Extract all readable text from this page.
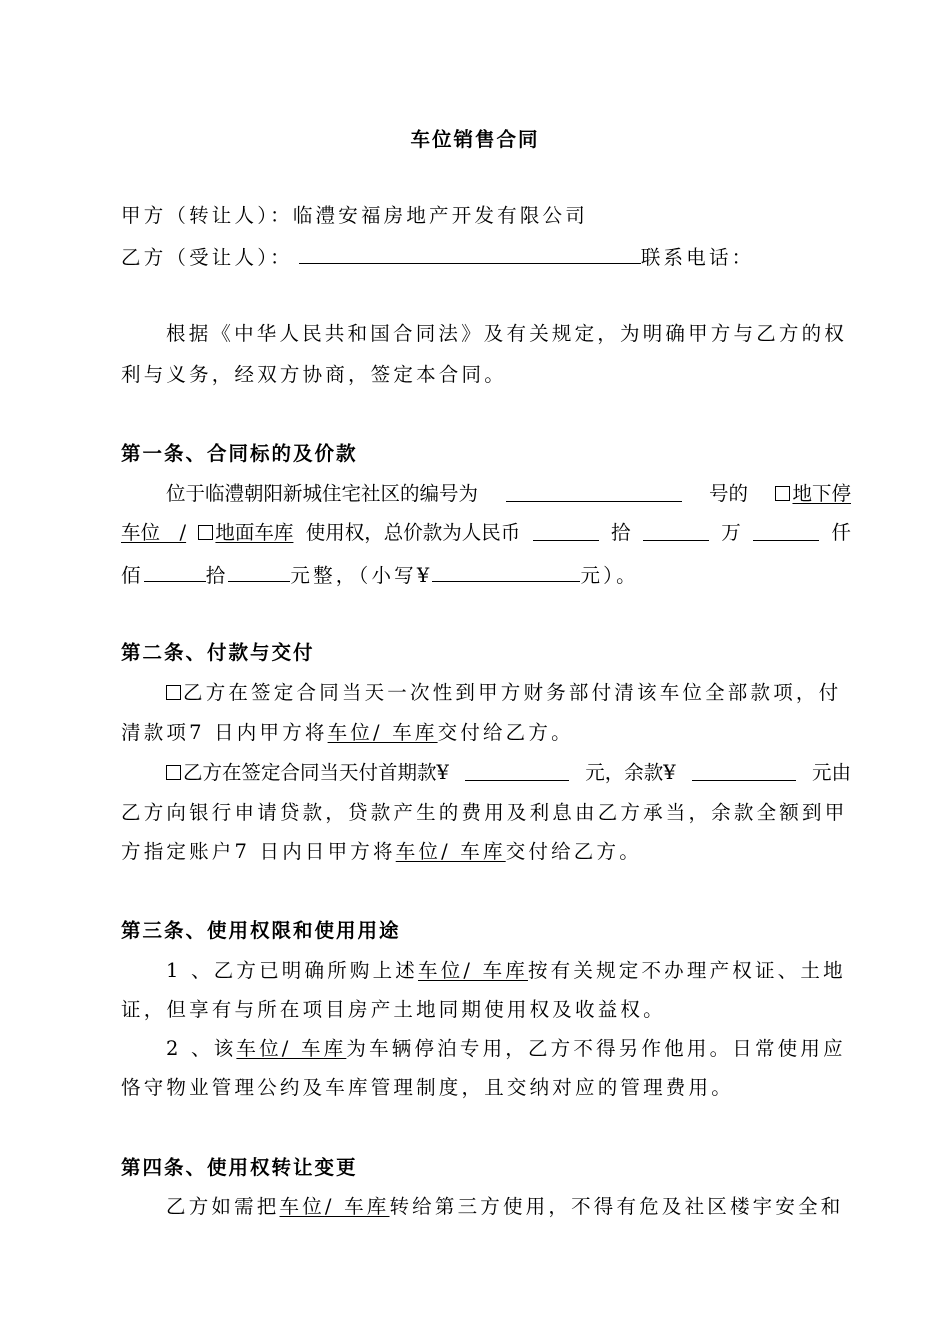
车位销售合同
甲方（转让人）：临澧安福房地产开发有限公司
乙方（受让人）：	联系电话：
根据《中华人民共和国合同法》及有关规定，为明确甲方与乙方的权
利与义务，经双方协商，签定本合同。
第一条、合同标的及价款
位于临澧朝阳新城住宅社区的编号为	号的	地下停
车位　/	地面车库 使用权，总价款为人民币	拾	万	仟
佰	拾	元整，（小写¥	元）。
第二条、付款与交付
乙方在签定合同当天一次性到甲方财务部付清该车位全部款项，付
清款项7 日内甲方将车位/ 车库交付给乙方。
乙方在签定合同当天付首期款¥	元，余款¥	元由
乙方向银行申请贷款，贷款产生的费用及利息由乙方承当，余款全额到甲
方指定账户7 日内日甲方将车位/ 车库交付给乙方。
第三条、使用权限和使用用途
1 、乙方已明确所购上述车位/ 车库按有关规定不办理产权证、土地
证，但享有与所在项目房产土地同期使用权及收益权。
2 、该车位/ 车库为车辆停泊专用，乙方不得另作他用。日常使用应
恪守物业管理公约及车库管理制度，且交纳对应的管理费用。
第四条、使用权转让变更
乙方如需把车位/ 车库转给第三方使用，不得有危及社区楼宇安全和
